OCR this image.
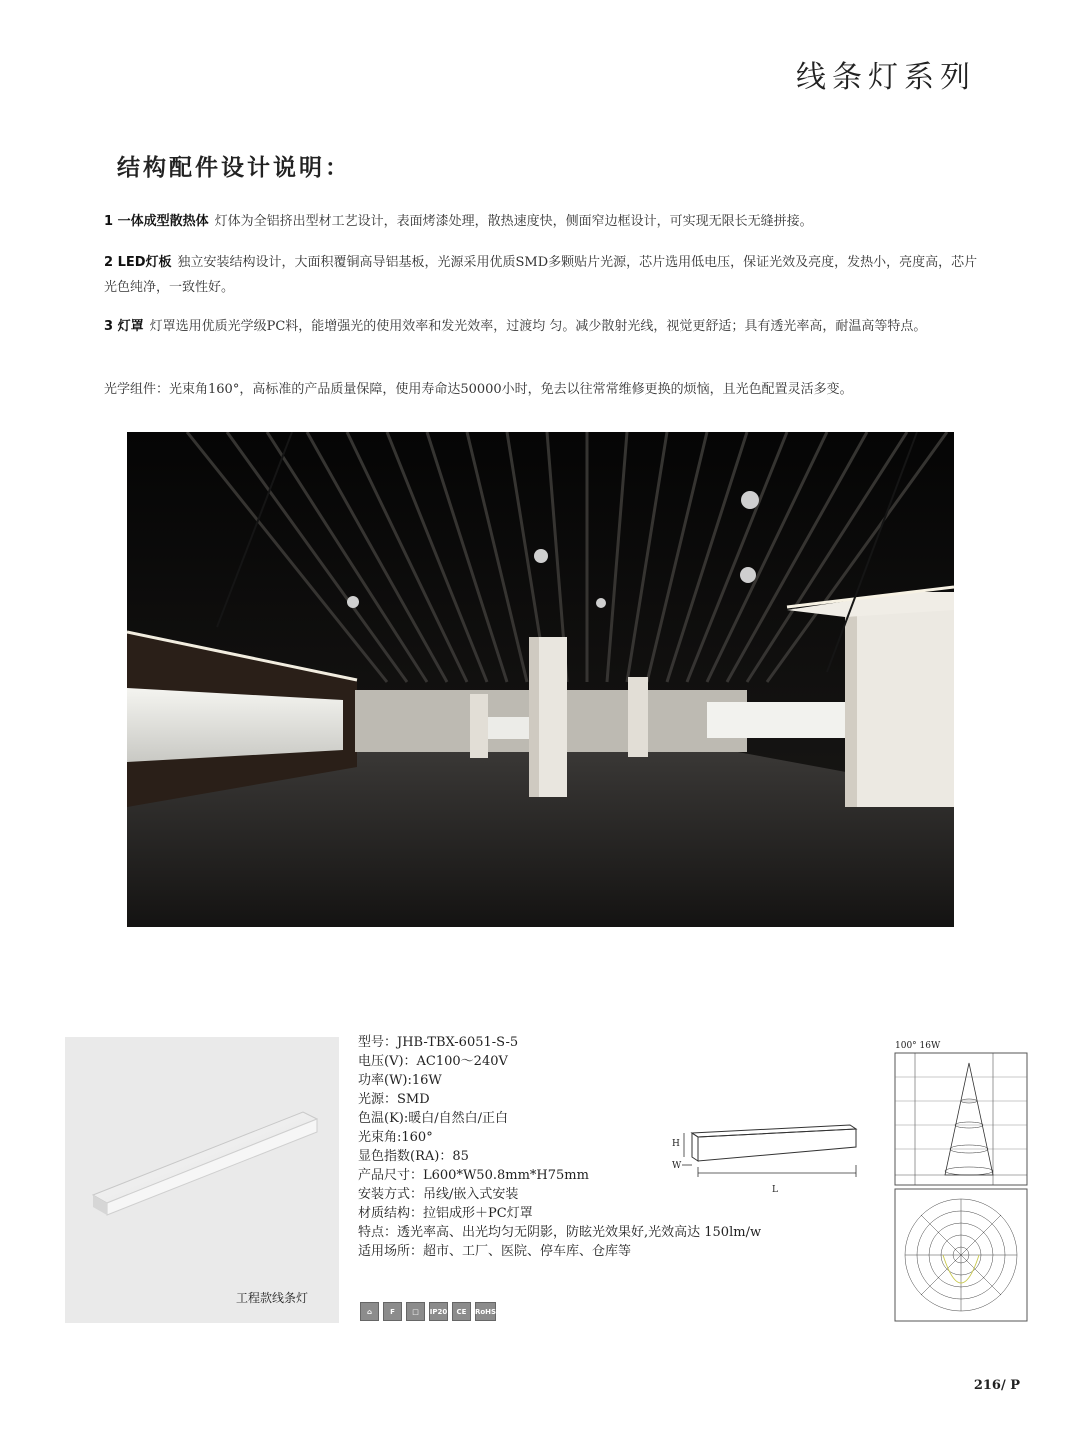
线条灯系列
结构配件设计说明：
1 一体成型散热体 灯体为全铝挤出型材工艺设计，表面烤漆处理，散热速度快，侧面窄边框设计，可实现无限长无缝拼接。
2 LED灯板 独立安装结构设计，大面积覆铜高导铝基板，光源采用优质SMD多颗贴片光源，芯片选用低电压，保证光效及亮度，发热小，亮度高，芯片光色纯净，一致性好。
3 灯罩 灯罩选用优质光学级PC料，能增强光的使用效率和发光效率，过渡均 匀。减少散射光线，视觉更舒适；具有透光率高，耐温高等特点。
光学组件：光束角160°，高标准的产品质量保障，使用寿命达50000小时，免去以往常常维修更换的烦恼，且光色配置灵活多变。
工程款线条灯
型号：JHB-TBX-6051-S-5
电压(V)：AC100～240V
功率(W):16W
光源：SMD
色温(K):暖白/自然白/正白
光束角:160°
显色指数(RA)：85
产品尺寸：L600*W50.8mm*H75mm
安装方式：吊线/嵌入式安装
材质结构：拉铝成形＋PC灯罩
特点：透光率高、出光均匀无阴影，防眩光效果好,光效高达 150lm/w
适用场所：超市、工厂、医院、停车库、仓库等
⌂	F	□	IP20	CE	RoHS
H
W
L
100° 16W
216/ P
